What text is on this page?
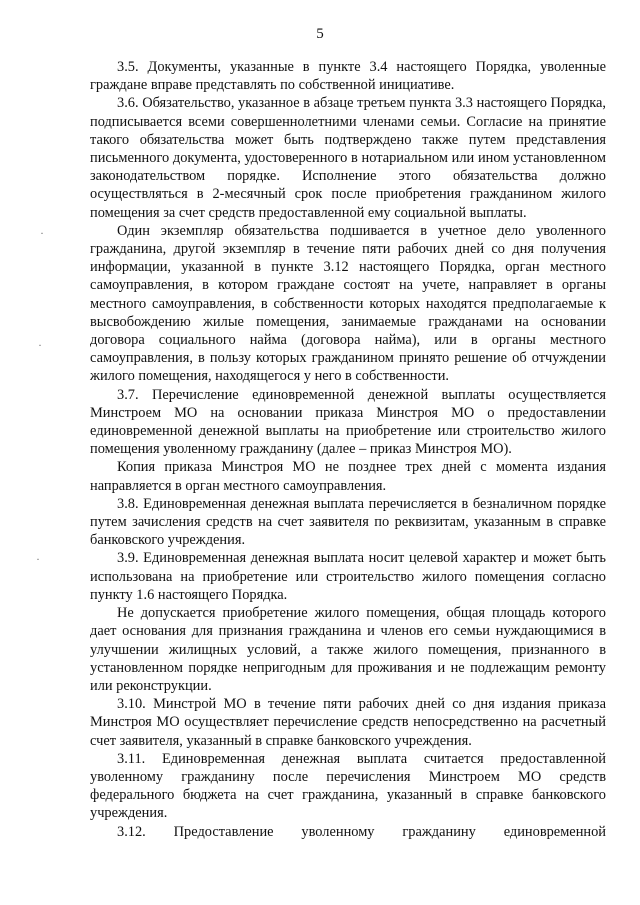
5

3.5. Документы, указанные в пункте 3.4 настоящего Порядка, уволенные граждане вправе представлять по собственной инициативе.

3.6. Обязательство, указанное в абзаце третьем пункта 3.3 настоящего Порядка, подписывается всеми совершеннолетними членами семьи. Согласие на принятие такого обязательства может быть подтверждено также путем представления письменного документа, удостоверенного в нотариальном или ином установленном законодательством порядке. Исполнение этого обязательства должно осуществляться в 2-месячный срок после приобретения гражданином жилого помещения за счет средств предоставленной ему социальной выплаты.

Один экземпляр обязательства подшивается в учетное дело уволенного гражданина, другой экземпляр в течение пяти рабочих дней со дня получения информации, указанной в пункте 3.12 настоящего Порядка, орган местного самоуправления, в котором граждане состоят на учете, направляет в органы местного самоуправления, в собственности которых находятся предполагаемые к высвобождению жилые помещения, занимаемые гражданами на основании договора социального найма (договора найма), или в органы местного самоуправления, в пользу которых гражданином принято решение об отчуждении жилого помещения, находящегося у него в собственности.

3.7. Перечисление единовременной денежной выплаты осуществляется Минстроем МО на основании приказа Минстроя МО о предоставлении единовременной денежной выплаты на приобретение или строительство жилого помещения уволенному гражданину (далее – приказ Минстроя МО).

Копия приказа Минстроя МО не позднее трех дней с момента издания направляется в орган местного самоуправления.

3.8. Единовременная денежная выплата перечисляется в безналичном порядке путем зачисления средств на счет заявителя по реквизитам, указанным в справке банковского учреждения.

3.9. Единовременная денежная выплата носит целевой характер и может быть использована на приобретение или строительство жилого помещения согласно пункту 1.6 настоящего Порядка.

Не допускается приобретение жилого помещения, общая площадь которого дает основания для признания гражданина и членов его семьи нуждающимися в улучшении жилищных условий, а также жилого помещения, признанного в установленном порядке непригодным для проживания и не подлежащим ремонту или реконструкции.

3.10. Минстрой МО в течение пяти рабочих дней со дня издания приказа Минстроя МО осуществляет перечисление средств непосредственно на расчетный счет заявителя, указанный в справке банковского учреждения.

3.11. Единовременная денежная выплата считается предоставленной уволенному гражданину после перечисления Минстроем МО средств федерального бюджета на счет гражданина, указанный в справке банковского учреждения.

3.12. Предоставление уволенному гражданину единовременной

·
·
·
